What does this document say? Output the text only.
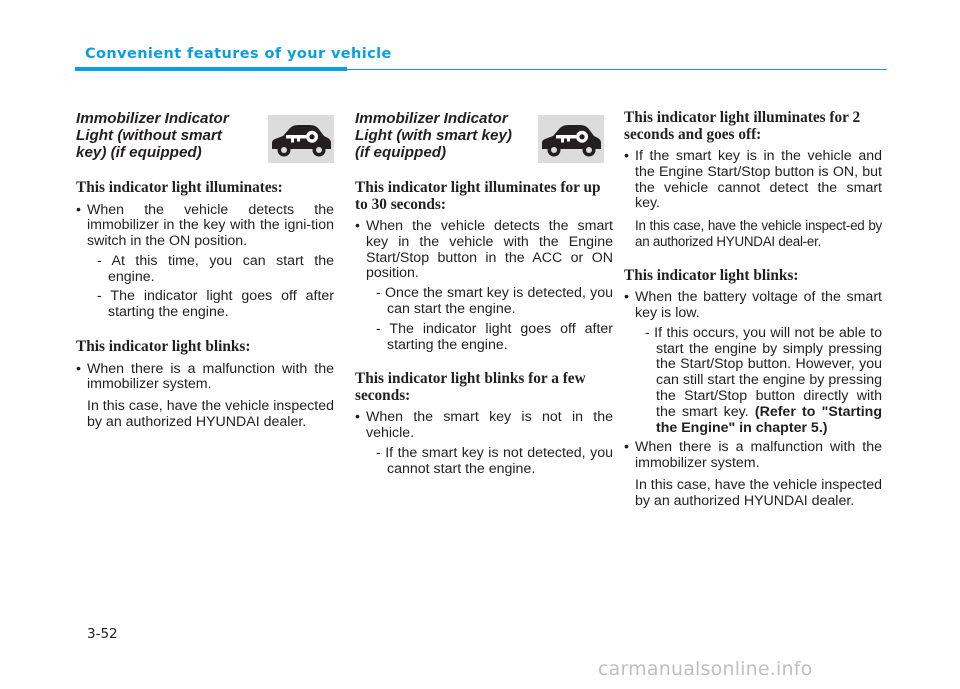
Convenient features of your vehicle
Immobilizer Indicator Light (without smart key) (if equipped)

This indicator light illuminates:

• When the vehicle detects the immobilizer in the key with the igni-tion switch in the ON position.

- At this time, you can start the engine.

- The indicator light goes off after starting the engine.

This indicator light blinks:

• When there is a malfunction with the immobilizer system.

In this case, have the vehicle inspected by an authorized HYUNDAI dealer.

Immobilizer Indicator Light (with smart key) (if equipped)

This indicator light illuminates for up to 30 seconds:

• When the vehicle detects the smart key in the vehicle with the Engine Start/Stop button in the ACC or ON position.

- Once the smart key is detected, you can start the engine.

- The indicator light goes off after starting the engine.

This indicator light blinks for a few seconds:

• When the smart key is not in the vehicle.

- If the smart key is not detected, you cannot start the engine.

This indicator light illuminates for 2 seconds and goes off:

• If the smart key is in the vehicle and the Engine Start/Stop button is ON, but the vehicle cannot detect the smart key.

In this case, have the vehicle inspect-ed by an authorized HYUNDAI deal-er.

This indicator light blinks:

• When the battery voltage of the smart key is low.

- If this occurs, you will not be able to start the engine by simply pressing the Start/Stop button. However, you can still start the engine by pressing the Start/Stop button directly with the smart key. (Refer to "Starting the Engine" in chapter 5.)

• When there is a malfunction with the immobilizer system.

In this case, have the vehicle inspected by an authorized HYUNDAI dealer.

3-52

carmanualsonline.info
